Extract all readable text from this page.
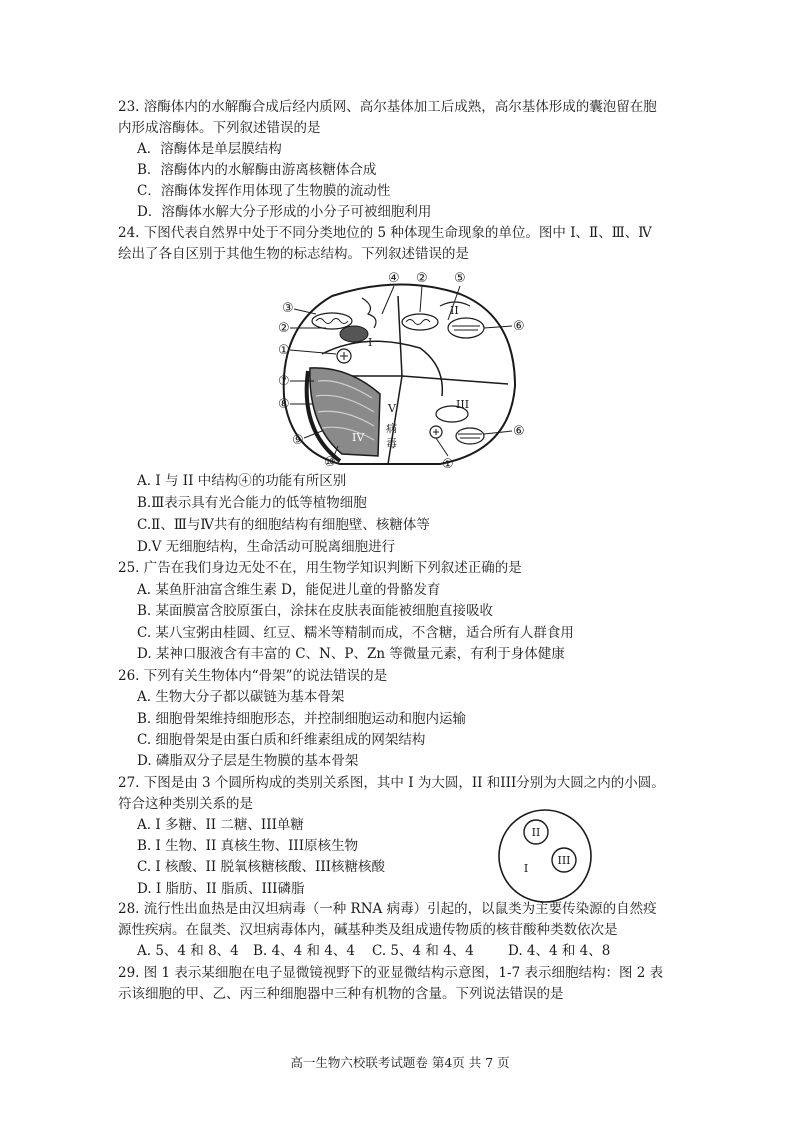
23. 溶酶体内的水解酶合成后经内质网、高尔基体加工后成熟，高尔基体形成的囊泡留在胞
内形成溶酶体。下列叙述错误的是
A．溶酶体是单层膜结构
B．溶酶体内的水解酶由游离核糖体合成
C．溶酶体发挥作用体现了生物膜的流动性
D．溶酶体水解大分子形成的小分子可被细胞利用
24. 下图代表自然界中处于不同分类地位的 5 种体现生命现象的单位。图中 I、Ⅱ、Ⅲ、Ⅳ
绘出了各自区别于其他生物的标志结构。下列叙述错误的是
③
②
①
⑦
⑧
⑨
⑩
④ ② ⑤
⑥
⑥
①
I
II
III
IV
V
病
毒
A. I 与 II 中结构④的功能有所区别
B.Ⅲ表示具有光合能力的低等植物细胞
C.Ⅱ、Ⅲ与Ⅳ共有的细胞结构有细胞壁、核糖体等
D.V 无细胞结构，生命活动可脱离细胞进行
25. 广告在我们身边无处不在，用生物学知识判断下列叙述正确的是
A. 某鱼肝油富含维生素 D，能促进儿童的骨骼发育
B. 某面膜富含胶原蛋白，涂抹在皮肤表面能被细胞直接吸收
C. 某八宝粥由桂圆、红豆、糯米等精制而成，不含糖，适合所有人群食用
D. 某神口服液含有丰富的 C、N、P、Zn 等微量元素，有利于身体健康
26. 下列有关生物体内“骨架”的说法错误的是
A. 生物大分子都以碳链为基本骨架
B. 细胞骨架维持细胞形态，并控制细胞运动和胞内运输
C. 细胞骨架是由蛋白质和纤维素组成的网架结构
D. 磷脂双分子层是生物膜的基本骨架
27. 下图是由 3 个圆所构成的类别关系图，其中 I 为大圆，II 和III分别为大圆之内的小圆。
符合这种类别关系的是
A. I 多糖、II 二糖、III单糖
B. I 生物、II 真核生物、III原核生物
C. I 核酸、II 脱氧核糖核酸、III核糖核酸
D. I 脂肪、II 脂质、III磷脂
II
III
I
28. 流行性出血热是由汉坦病毒（一种 RNA 病毒）引起的，以鼠类为主要传染源的自然疫
源性疾病。在鼠类、汉坦病毒体内，碱基种类及组成遗传物质的核苷酸种类数依次是
A. 5、4 和 8、4 B. 4、4 和 4、4 C. 5、4 和 4、4	D. 4、4 和 4、8
29. 图 1 表示某细胞在电子显微镜视野下的亚显微结构示意图，1-7 表示细胞结构：图 2 表
示该细胞的甲、乙、丙三种细胞器中三种有机物的含量。下列说法错误的是
高一生物六校联考试题卷 第4页 共 7 页
